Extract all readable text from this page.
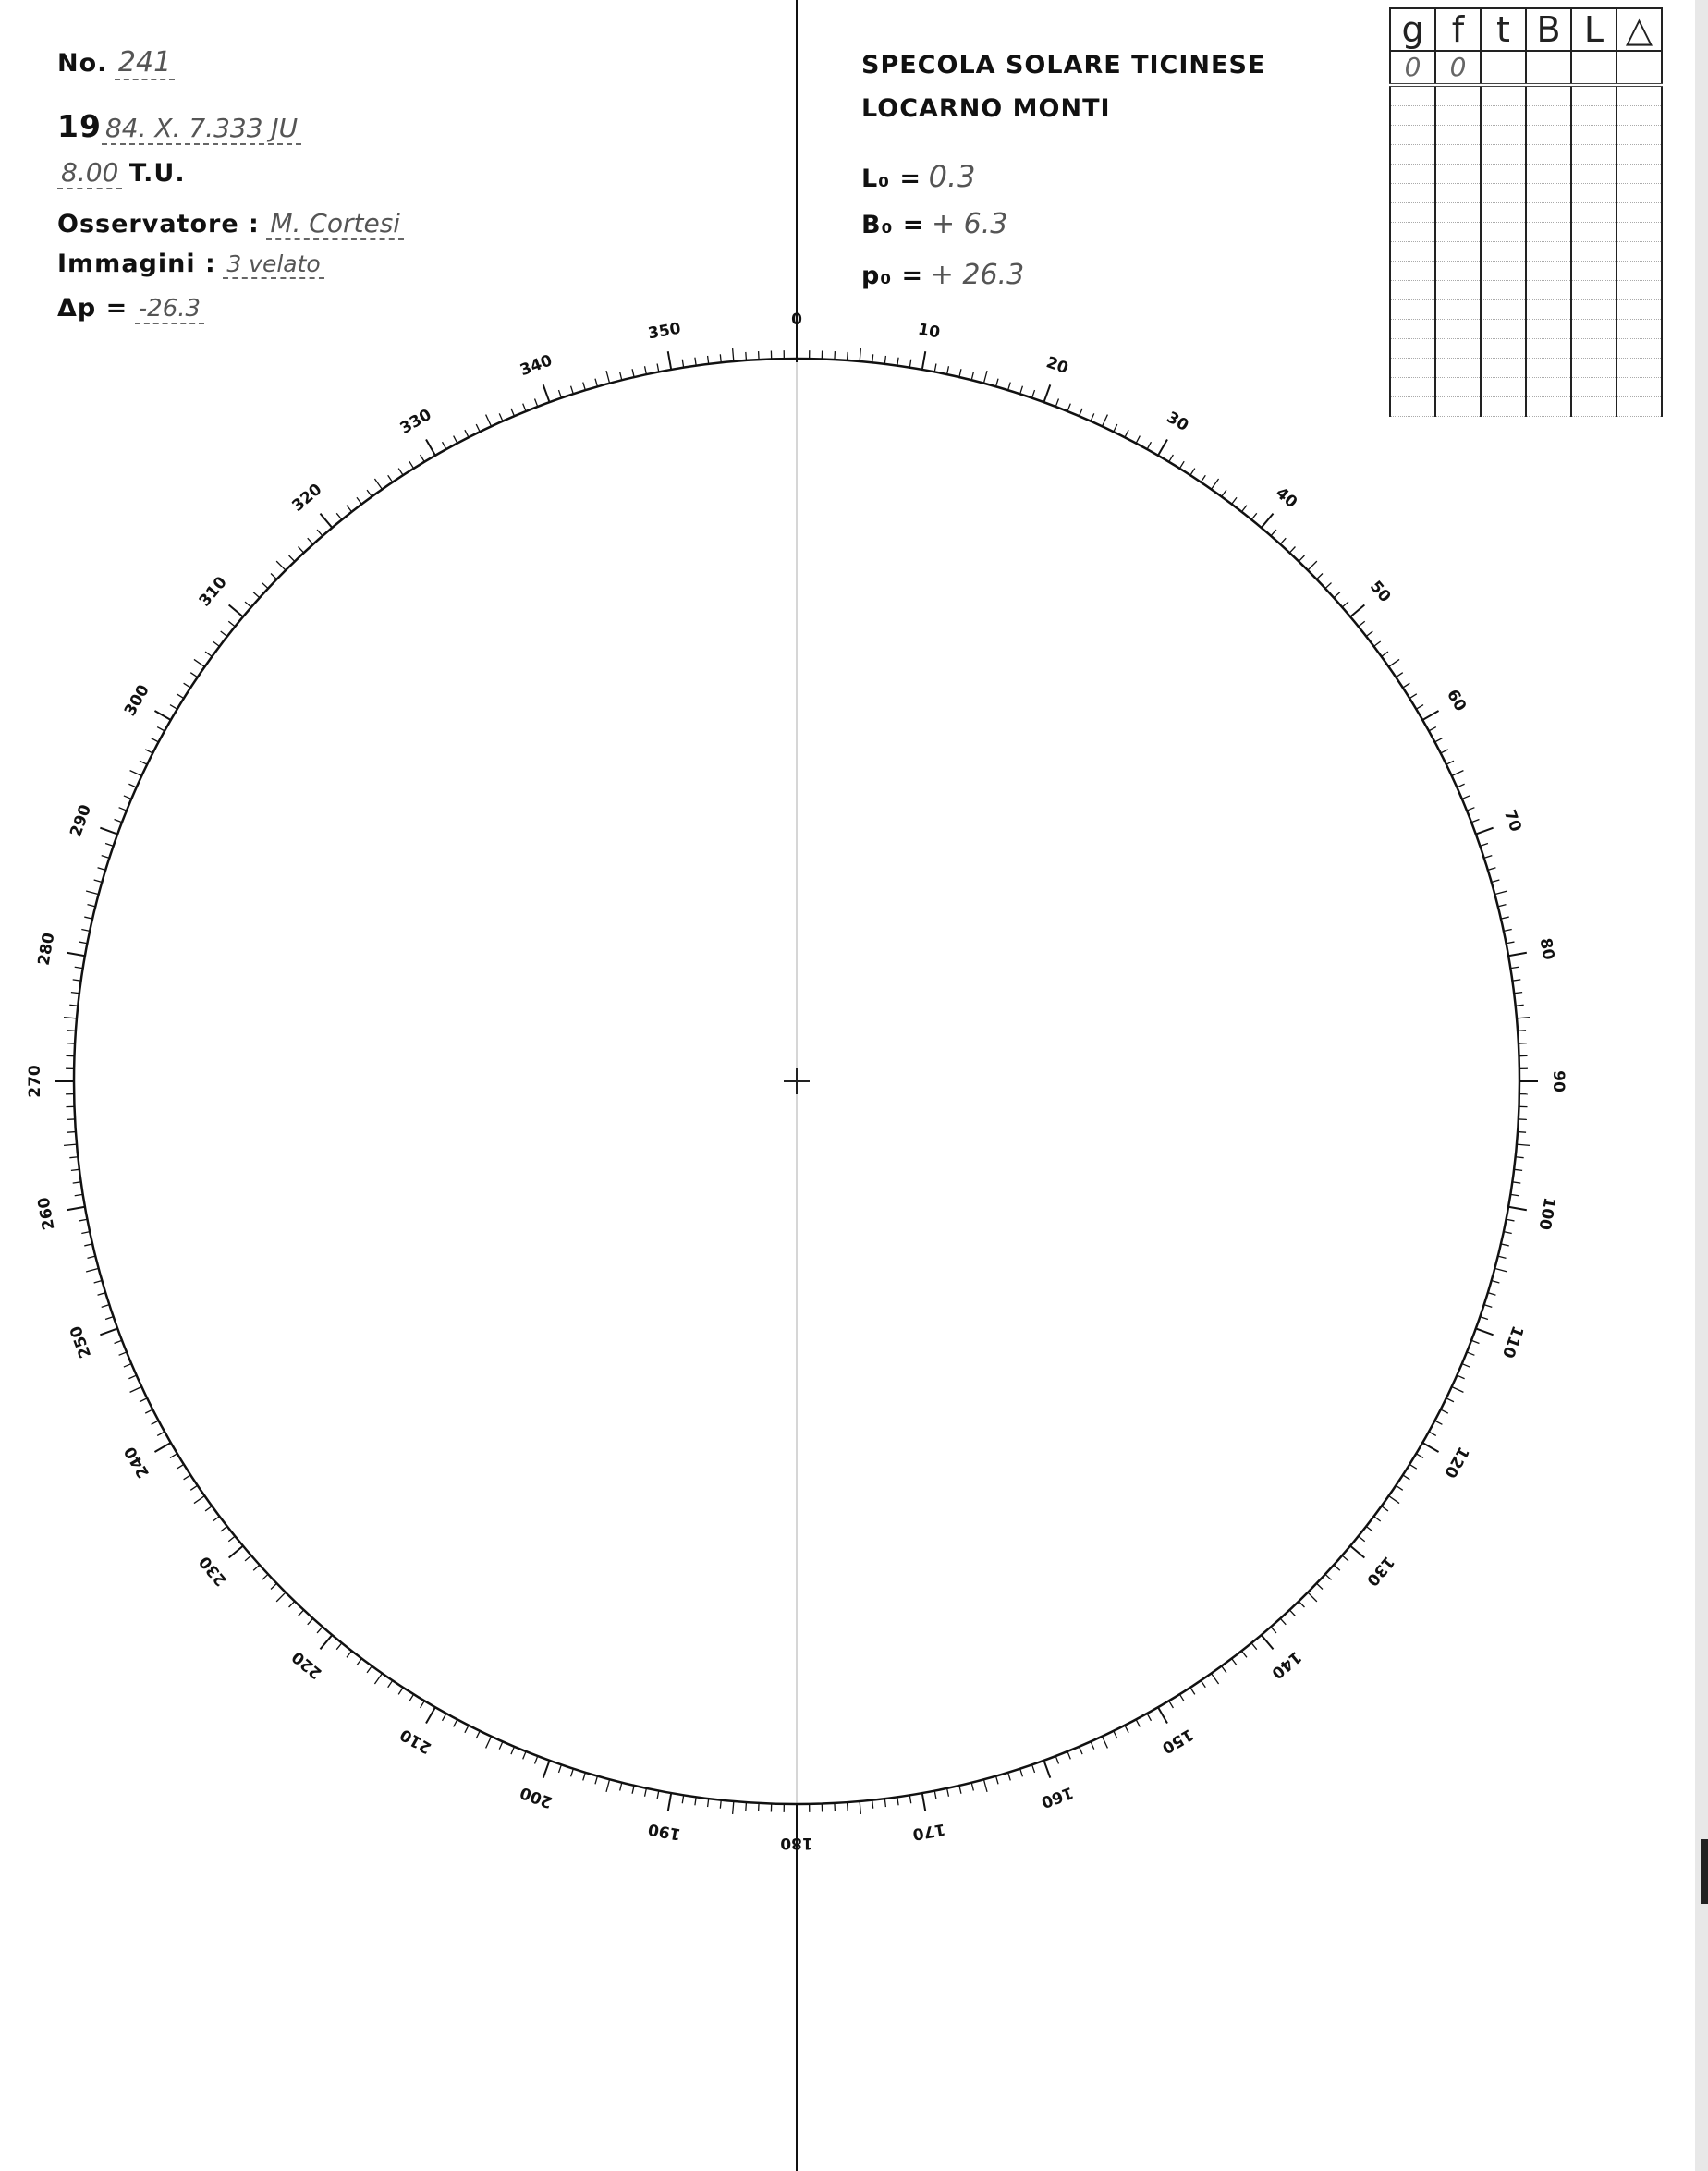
No. 241
19 84. X. 7.333 JU
8.00 T.U.
Osservatore : M. Cortesi
Immagini : 3 velato
Δp = -26.3
SPECOLA SOLARE TICINESE
LOCARNO MONTI
L₀ = 0.3
B₀ = + 6.3
p₀ = + 26.3
g	f	t	B	L	△
0	0				

0
10
20
30
40
50
60
70
80
90
100
110
120
130
140
150
160
170
180
190
200
210
220
230
240
250
260
270
280
290
300
310
320
330
340
350
